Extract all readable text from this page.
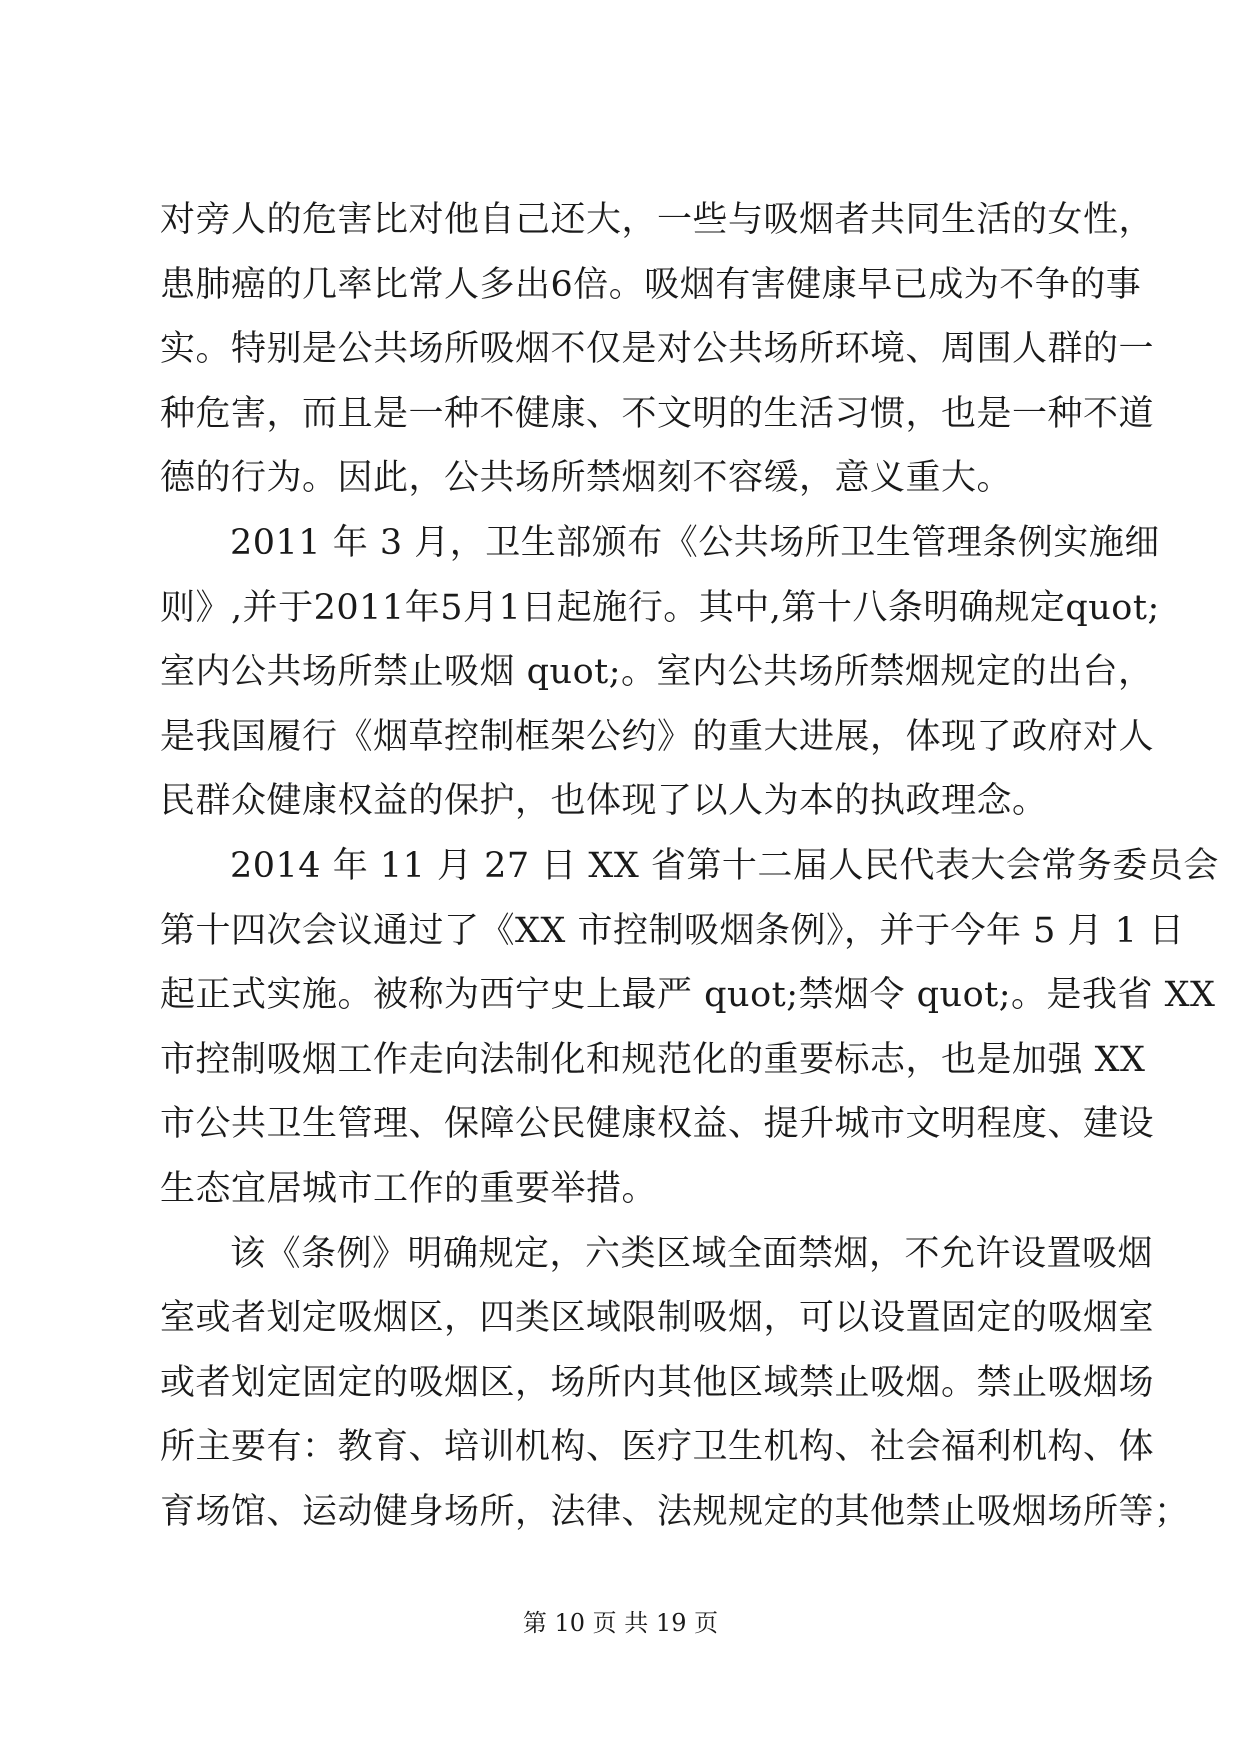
对旁人的危害比对他自己还大，一些与吸烟者共同生活的女性，
患肺癌的几率比常人多出6倍。吸烟有害健康早已成为不争的事
实。特别是公共场所吸烟不仅是对公共场所环境、周围人群的一
种危害，而且是一种不健康、不文明的生活习惯，也是一种不道
德的行为。因此，公共场所禁烟刻不容缓，意义重大。

2011 年 3 月，卫生部颁布《公共场所卫生管理条例实施细
则》,并于2011年5月1日起施行。其中,第十八条明确规定quot;
室内公共场所禁止吸烟 quot;。室内公共场所禁烟规定的出台，
是我国履行《烟草控制框架公约》的重大进展，体现了政府对人
民群众健康权益的保护，也体现了以人为本的执政理念。

2014 年 11 月 27 日 XX 省第十二届人民代表大会常务委员会
第十四次会议通过了《XX 市控制吸烟条例》，并于今年 5 月 1 日
起正式实施。被称为西宁史上最严 quot;禁烟令 quot;。是我省 XX
市控制吸烟工作走向法制化和规范化的重要标志，也是加强 XX
市公共卫生管理、保障公民健康权益、提升城市文明程度、建设
生态宜居城市工作的重要举措。

该《条例》明确规定，六类区域全面禁烟，不允许设置吸烟
室或者划定吸烟区，四类区域限制吸烟，可以设置固定的吸烟室
或者划定固定的吸烟区，场所内其他区域禁止吸烟。禁止吸烟场
所主要有：教育、培训机构、医疗卫生机构、社会福利机构、体
育场馆、运动健身场所，法律、法规规定的其他禁止吸烟场所等；

第 10 页 共 19 页
